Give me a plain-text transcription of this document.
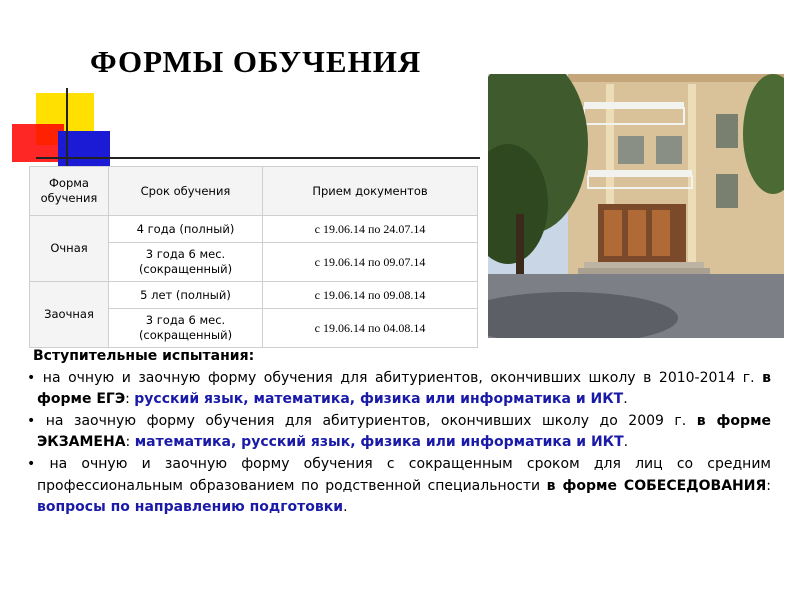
ФОРМЫ ОБУЧЕНИЯ
Форма обучения	Срок обучения	Прием документов
Очная	4 года (полный)	с 19.06.14 по 24.07.14
	3 года 6 мес. (сокращенный)	с 19.06.14 по 09.07.14
Заочная	5 лет (полный)	с 19.06.14 по 09.08.14
	3 года 6 мес. (сокращенный)	с 19.06.14 по 04.08.14

Вступительные испытания:

• на очную и заочную форму обучения для абитуриентов, окончивших школу в 2010-2014 г. в форме ЕГЭ: русский язык, математика, физика или информатика и ИКТ.

• на заочную форму обучения для абитуриентов, окончивших школу до 2009 г. в форме ЭКЗАМЕНА: математика, русский язык, физика или информатика и ИКТ.

• на очную и заочную форму обучения с сокращенным сроком для лиц со средним профессиональным образованием по родственной специальности в форме СОБЕСЕДОВАНИЯ: вопросы по направлению подготовки.
